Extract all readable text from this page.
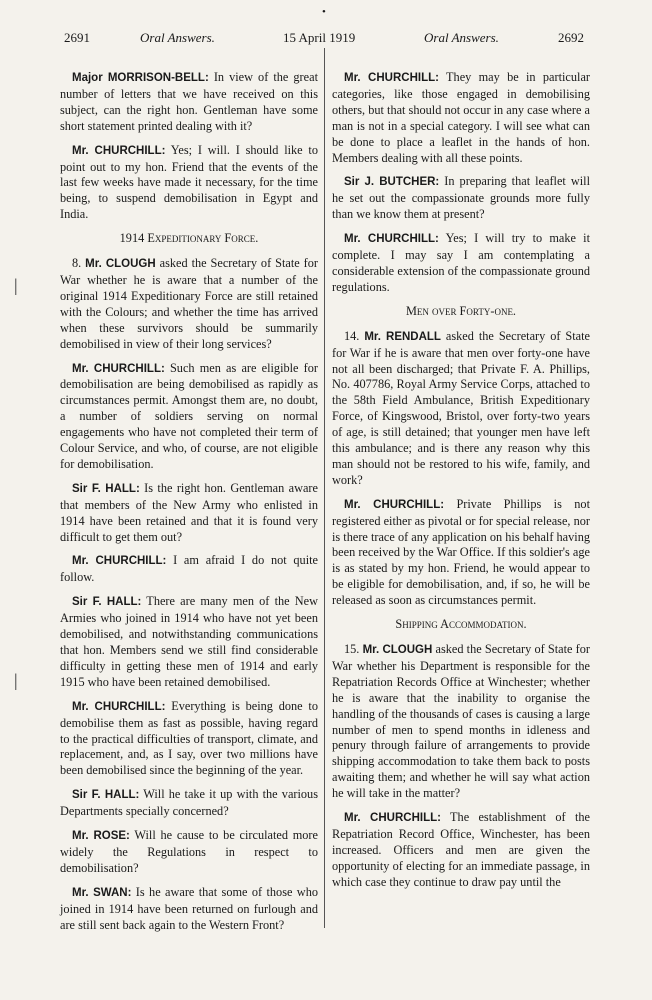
•
2691	Oral Answers.	15 April 1919	Oral Answers.	2692
|
|

Major MORRISON-BELL: In view of the great number of letters that we have received on this subject, can the right hon. Gentleman have some short statement printed dealing with it?

Mr. CHURCHILL: Yes; I will. I should like to point out to my hon. Friend that the events of the last few weeks have made it necessary, for the time being, to suspend demobilisation in Egypt and India.

1914 Expeditionary Force.

8. Mr. CLOUGH asked the Secretary of State for War whether he is aware that a number of the original 1914 Expeditionary Force are still retained with the Colours; and whether the time has arrived when these survivors should be summarily demobilised in view of their long services?

Mr. CHURCHILL: Such men as are eligible for demobilisation are being demobilised as rapidly as circumstances permit. Amongst them are, no doubt, a number of soldiers serving on normal engagements who have not completed their term of Colour Service, and who, of course, are not eligible for demobilisation.

Sir F. HALL: Is the right hon. Gentleman aware that members of the New Army who enlisted in 1914 have been retained and that it is found very difficult to get them out?

Mr. CHURCHILL: I am afraid I do not quite follow.

Sir F. HALL: There are many men of the New Armies who joined in 1914 who have not yet been demobilised, and notwithstanding communications that hon. Members send we still find considerable difficulty in getting these men of 1914 and early 1915 who have been retained demobilised.

Mr. CHURCHILL: Everything is being done to demobilise them as fast as possible, having regard to the practical difficulties of transport, climate, and replacement, and, as I say, over two millions have been demobilised since the beginning of the year.

Sir F. HALL: Will he take it up with the various Departments specially concerned?

Mr. ROSE: Will he cause to be circulated more widely the Regulations in respect to demobilisation?

Mr. SWAN: Is he aware that some of those who joined in 1914 have been returned on furlough and are still sent back again to the Western Front?

Mr. CHURCHILL: They may be in particular categories, like those engaged in demobilising others, but that should not occur in any case where a man is not in a special category. I will see what can be done to place a leaflet in the hands of hon. Members dealing with all these points.

Sir J. BUTCHER: In preparing that leaflet will he set out the compassionate grounds more fully than we know them at present?

Mr. CHURCHILL: Yes; I will try to make it complete. I may say I am contemplating a considerable extension of the compassionate ground regulations.

Men over Forty-one.

14. Mr. RENDALL asked the Secretary of State for War if he is aware that men over forty-one have not all been discharged; that Private F. A. Phillips, No. 407786, Royal Army Service Corps, attached to the 58th Field Ambulance, British Expeditionary Force, of Kingswood, Bristol, over forty-two years of age, is still detained; that younger men have left this ambulance; and is there any reason why this man should not be restored to his wife, family, and work?

Mr. CHURCHILL: Private Phillips is not registered either as pivotal or for special release, nor is there trace of any application on his behalf having been received by the War Office. If this soldier's age is as stated by my hon. Friend, he would appear to be eligible for demobilisation, and, if so, he will be released as soon as circumstances permit.

Shipping Accommodation.

15. Mr. CLOUGH asked the Secretary of State for War whether his Department is responsible for the Repatriation Records Office at Winchester; whether he is aware that the inability to organise the handling of the thousands of cases is causing a large number of men to spend months in idleness and penury through failure of arrangements to provide shipping accommodation to take them back to posts awaiting them; and whether he will say what action he will take in the matter?

Mr. CHURCHILL: The establishment of the Repatriation Record Office, Winchester, has been increased. Officers and men are given the opportunity of electing for an immediate passage, in which case they continue to draw pay until the
